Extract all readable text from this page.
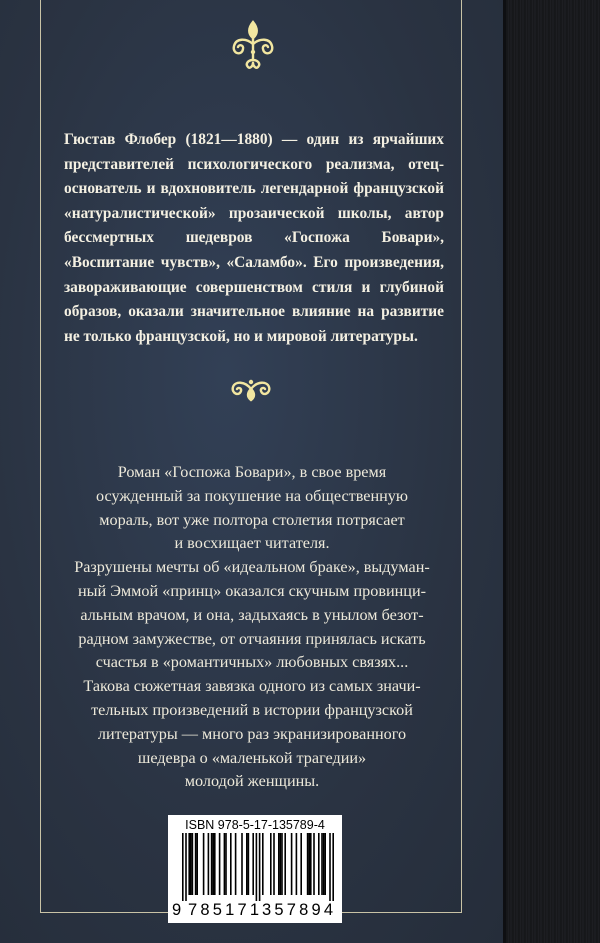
Гюстав Флобер (1821—1880) — один из ярчайших
представителей психологического реализма, отец-
основатель и вдохновитель легендарной французской
«натуралистической» прозаической школы, автор
бессмертных шедевров «Госпожа Бовари»,
«Воспитание чувств», «Саламбо». Его произведения,
завораживающие совершенством стиля и глубиной
образов, оказали значительное влияние на развитие
не только французской, но и мировой литературы.
Роман «Госпожа Бовари», в свое время
осужденный за покушение на общественную
мораль, вот уже полтора столетия потрясает
и восхищает читателя.
Разрушены мечты об «идеальном браке», выдуман-
ный Эммой «принц» оказался скучным провинци-
альным врачом, и она, задыхаясь в унылом безот-
радном замужестве, от отчаяния принялась искать
счастья в «романтичных» любовных связях...
Такова сюжетная завязка одного из самых значи-
тельных произведений в истории французской
литературы — много раз экранизированного
шедевра о «маленькой трагедии»
молодой женщины.
ISBN 978-5-17-135789-4
9 785171 357894
